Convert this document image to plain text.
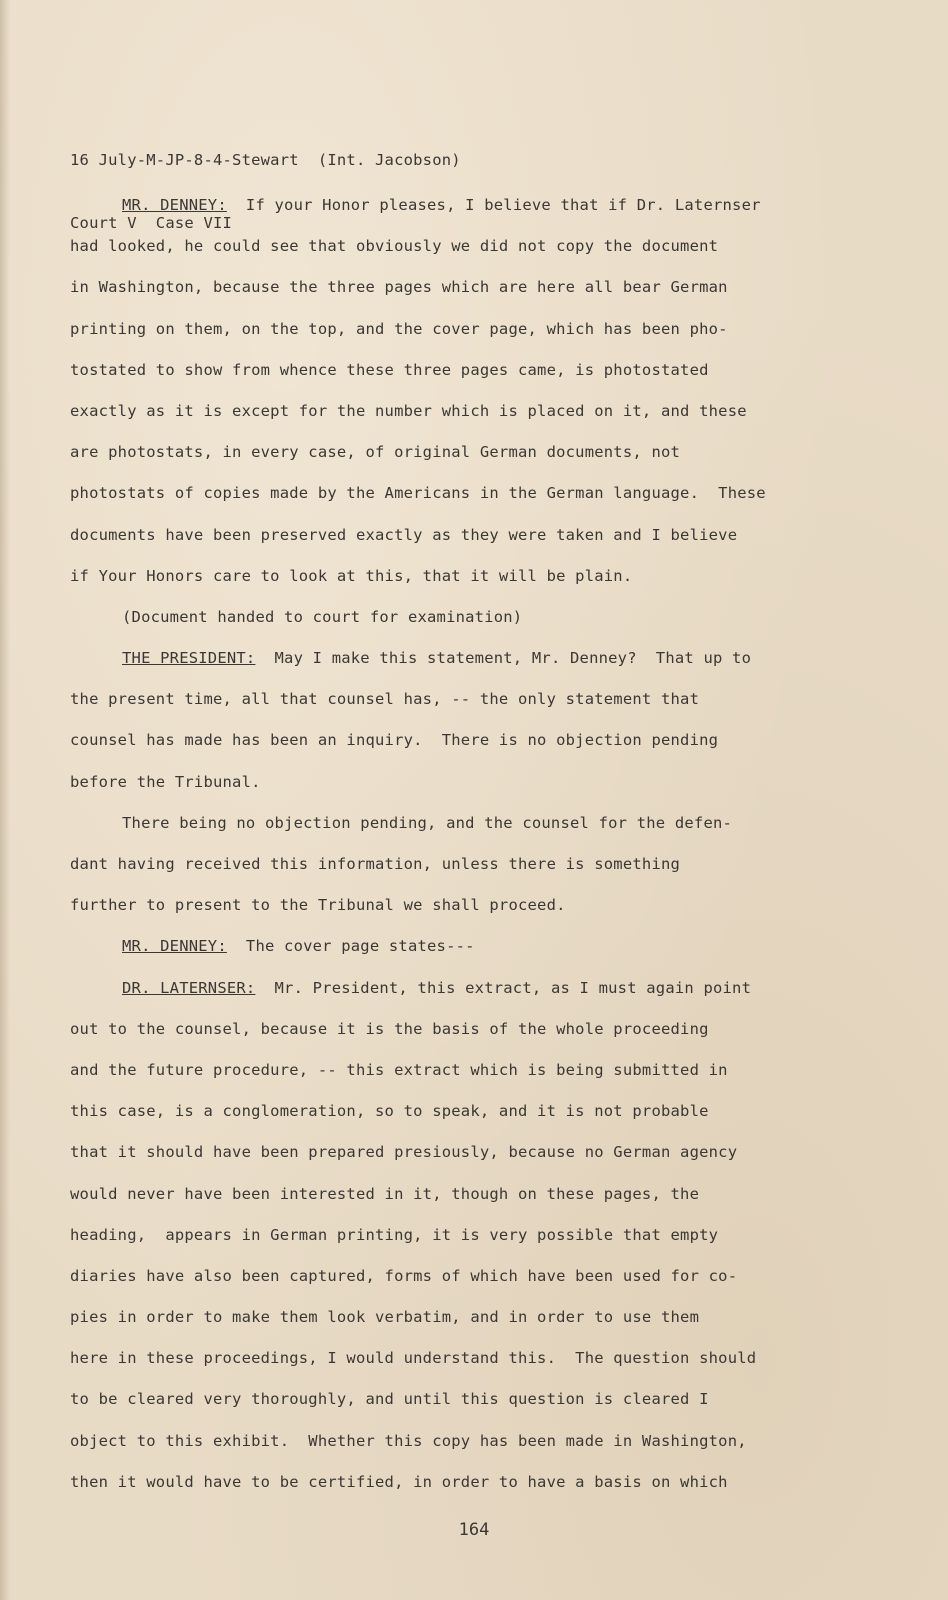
16 July-M-JP-8-4-Stewart  (Int. Jacobson)

Court V  Case VII

MR. DENNEY:  If your Honor pleases, I believe that if Dr. Laternser
had looked, he could see that obviously we did not copy the document
in Washington, because the three pages which are here all bear German
printing on them, on the top, and the cover page, which has been pho-
tostated to show from whence these three pages came, is photostated
exactly as it is except for the number which is placed on it, and these
are photostats, in every case, of original German documents, not
photostats of copies made by the Americans in the German language.  These
documents have been preserved exactly as they were taken and I believe
if Your Honors care to look at this, that it will be plain.
(Document handed to court for examination)
THE PRESIDENT:  May I make this statement, Mr. Denney?  That up to
the present time, all that counsel has, -- the only statement that
counsel has made has been an inquiry.  There is no objection pending
before the Tribunal.
There being no objection pending, and the counsel for the defen-
dant having received this information, unless there is something
further to present to the Tribunal we shall proceed.
MR. DENNEY:  The cover page states---
DR. LATERNSER:  Mr. President, this extract, as I must again point
out to the counsel, because it is the basis of the whole proceeding
and the future procedure, -- this extract which is being submitted in
this case, is a conglomeration, so to speak, and it is not probable
that it should have been prepared presiously, because no German agency
would never have been interested in it, though on these pages, the
heading,  appears in German printing, it is very possible that empty
diaries have also been captured, forms of which have been used for co-
pies in order to make them look verbatim, and in order to use them
here in these proceedings, I would understand this.  The question should
to be cleared very thoroughly, and until this question is cleared I
object to this exhibit.  Whether this copy has been made in Washington,
then it would have to be certified, in order to have a basis on which
164
